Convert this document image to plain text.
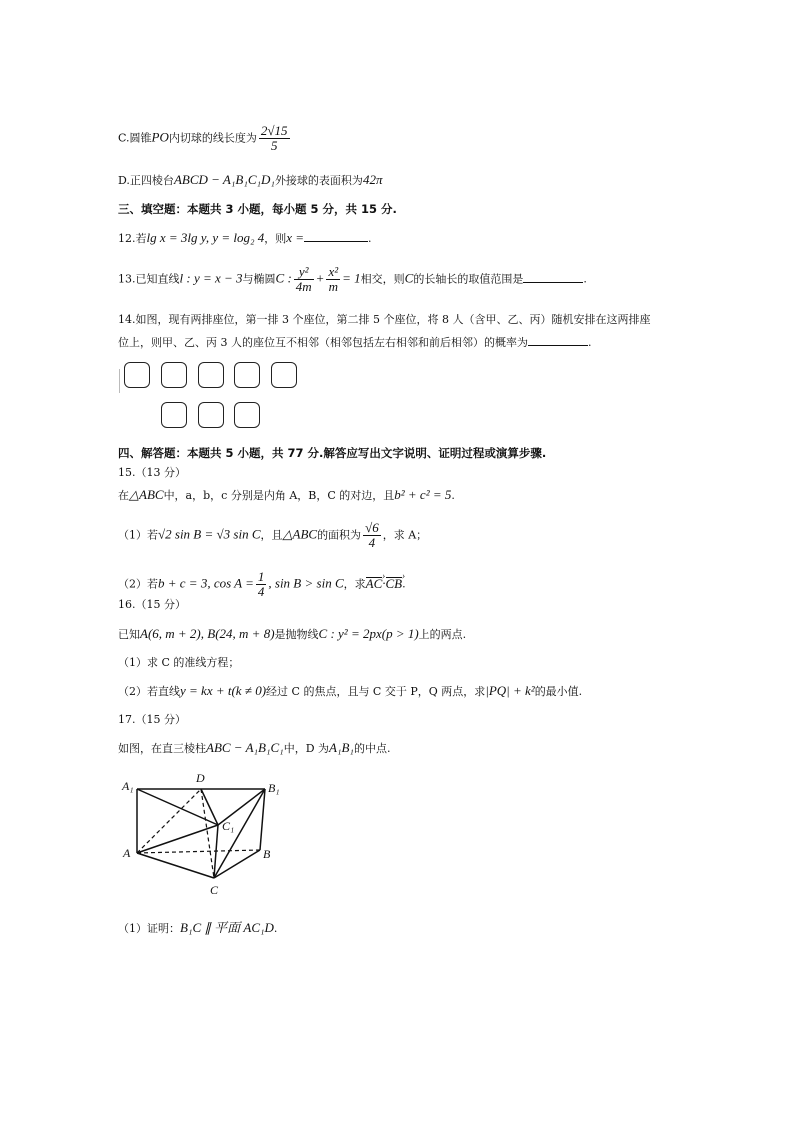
C.圆锥PO内切球的线长度为 $\frac{2√15}{5}$
D.正四棱台ABCD − A₁B₁C₁D₁外接球的表面积为42π
三、填空题：本题共 3 小题，每小题 5 分，共 15 分.
12.若lg x = 3lg y, y = log₂ 4，则x =	.
13.已知直线l : y = x − 3与椭圆C : $\frac{\text{y²}}{4m} + \frac{\text{x²}}{m} = 1$相交，则C的长轴长的取值范围是	.
14.如图，现有两排座位，第一排 3 个座位，第二排 5 个座位，将 8 人（含甲、乙、丙）随机安排在这两排座
位上，则甲、乙、丙 3 人的座位互不相邻（相邻包括左右相邻和前后相邻）的概率为	.
四、解答题：本题共 5 小题，共 77 分.解答应写出文字说明、证明过程或演算步骤.
15.（13 分）
在△ABC中，a，b，c 分别是内角 A，B，C 的对边，且b² + c² = 5.
（1）若√2 sin B = √3 sin C，且△ABC的面积为 $\frac{√6}{4}$ ，求 A；
（2）若b + c = 3, $\cos A = \frac{1}{4}$ , sin B > sin C，求AC ›·CB ›.
16.（15 分）
已知A(6, m + 2), B(24, m + 8)是抛物线C : y² = 2px(p > 1)上的两点.
（1）求 C 的准线方程；
（2）若直线y = kx + t(k ≠ 0)经过 C 的焦点，且与 C 交于 P，Q 两点，求|PQ| + k²的最小值.
17.（15 分）
如图，在直三棱柱ABC − A₁B₁C₁中，D 为A₁B₁的中点.
A₁
D
B₁
C₁
A	B
C
（1）证明：B₁C ∥ 平面 AC₁D.
